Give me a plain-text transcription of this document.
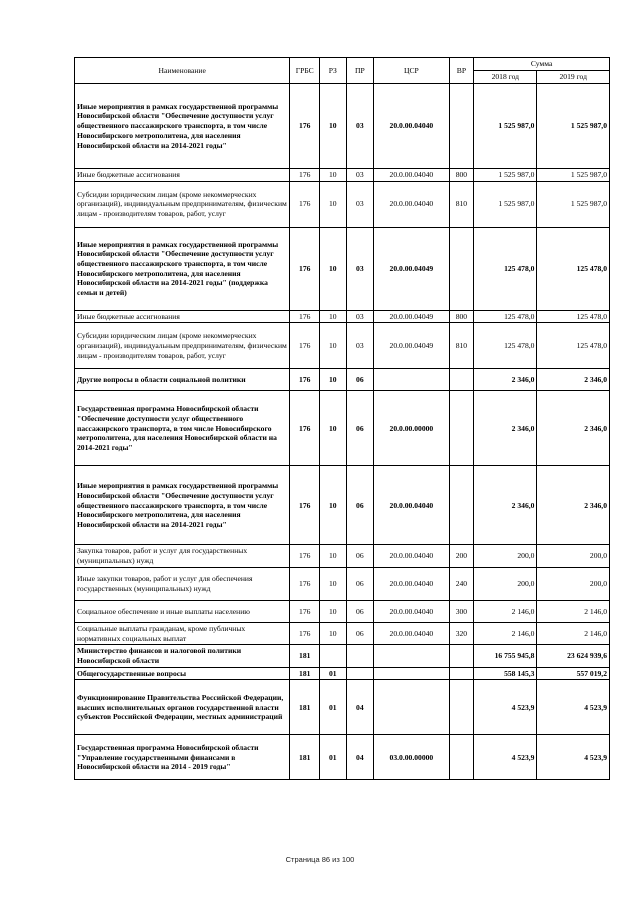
Наименование	ГРБС	РЗ	ПР	ЦСР	ВР	Сумма	
						2018 год	2019 год
Иные мероприятия в рамках государственной программы Новосибирской области "Обеспечение доступности услуг общественного пассажирского транспорта, в том числе Новосибирского метрополитена, для населения Новосибирской области на 2014-2021 годы"	176	10	03	20.0.00.04040		1 525 987,0	1 525 987,0
Иные бюджетные ассигнования	176	10	03	20.0.00.04040	800	1 525 987,0	1 525 987,0
Субсидии юридическим лицам (кроме некоммерческих организаций), индивидуальным предпринимателям, физическим лицам - производителям товаров, работ, услуг	176	10	03	20.0.00.04040	810	1 525 987,0	1 525 987,0
Иные мероприятия в рамках государственной программы Новосибирской области "Обеспечение доступности услуг общественного пассажирского транспорта, в том числе Новосибирского метрополитена, для населения Новосибирской области на 2014-2021 годы" (поддержка семьи и детей)	176	10	03	20.0.00.04049		125 478,0	125 478,0
Иные бюджетные ассигнования	176	10	03	20.0.00.04049	800	125 478,0	125 478,0
Субсидии юридическим лицам (кроме некоммерческих организаций), индивидуальным предпринимателям, физическим лицам - производителям товаров, работ, услуг	176	10	03	20.0.00.04049	810	125 478,0	125 478,0
Другие вопросы в области социальной политики	176	10	06			2 346,0	2 346,0
Государственная программа Новосибирской области "Обеспечение доступности услуг общественного пассажирского транспорта, в том числе Новосибирского метрополитена, для населения Новосибирской области на 2014-2021 годы"	176	10	06	20.0.00.00000		2 346,0	2 346,0
Иные мероприятия в рамках государственной программы Новосибирской области "Обеспечение доступности услуг общественного пассажирского транспорта, в том числе Новосибирского метрополитена, для населения Новосибирской области на 2014-2021 годы"	176	10	06	20.0.00.04040		2 346,0	2 346,0
Закупка товаров, работ и услуг для государственных (муниципальных) нужд	176	10	06	20.0.00.04040	200	200,0	200,0
Иные закупки товаров, работ и услуг для обеспечения государственных (муниципальных) нужд	176	10	06	20.0.00.04040	240	200,0	200,0
Социальное обеспечение и иные выплаты населению	176	10	06	20.0.00.04040	300	2 146,0	2 146,0
Социальные выплаты гражданам, кроме публичных нормативных социальных выплат	176	10	06	20.0.00.04040	320	2 146,0	2 146,0
Министерство финансов и налоговой политики Новосибирской области	181					16 755 945,8	23 624 939,6
Общегосударственные вопросы	181	01				558 145,3	557 019,2
Функционирование Правительства Российской Федерации, высших исполнительных органов государственной власти субъектов Российской Федерации, местных администраций	181	01	04			4 523,9	4 523,9
Государственная программа Новосибирской области "Управление государственными финансами в Новосибирской области на 2014 - 2019 годы"	181	01	04	03.0.00.00000		4 523,9	4 523,9
Страница 86 из 100
